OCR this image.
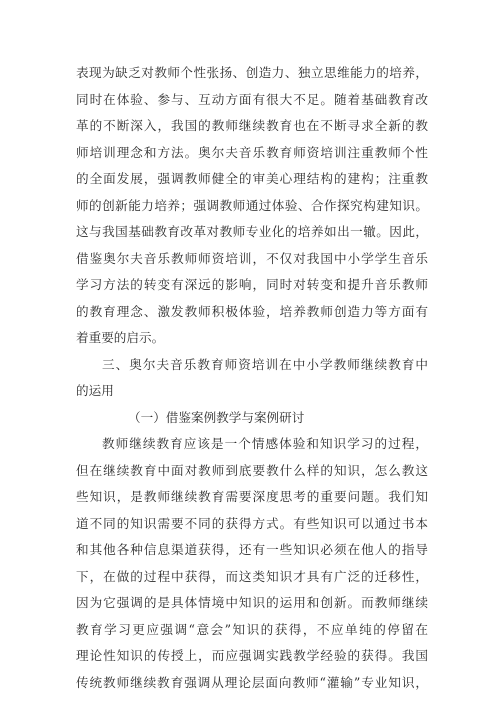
表现为缺乏对教师个性张扬、创造力、独立思维能力的培养，
同时在体验、参与、互动方面有很大不足。随着基础教育改
革的不断深入，我国的教师继续教育也在不断寻求全新的教
师培训理念和方法。奥尔夫音乐教育师资培训注重教师个性
的全面发展，强调教师健全的审美心理结构的建构；注重教
师的创新能力培养；强调教师通过体验、合作探究构建知识。
这与我国基础教育改革对教师专业化的培养如出一辙。因此，
借鉴奥尔夫音乐教师师资培训，不仅对我国中小学学生音乐
学习方法的转变有深远的影响，同时对转变和提升音乐教师
的教育理念、激发教师积极体验，培养教师创造力等方面有
着重要的启示。
三、奥尔夫音乐教育师资培训在中小学教师继续教育中
的运用
（一）借鉴案例教学与案例研讨
教师继续教育应该是一个情感体验和知识学习的过程，
但在继续教育中面对教师到底要教什么样的知识，怎么教这
些知识，是教师继续教育需要深度思考的重要问题。我们知
道不同的知识需要不同的获得方式。有些知识可以通过书本
和其他各种信息渠道获得，还有一些知识必须在他人的指导
下，在做的过程中获得，而这类知识才具有广泛的迁移性，
因为它强调的是具体情境中知识的运用和创新。而教师继续
教育学习更应强调“意会”知识的获得，不应单纯的停留在
理论性知识的传授上，而应强调实践教学经验的获得。我国
传统教师继续教育强调从理论层面向教师“灌输”专业知识，
